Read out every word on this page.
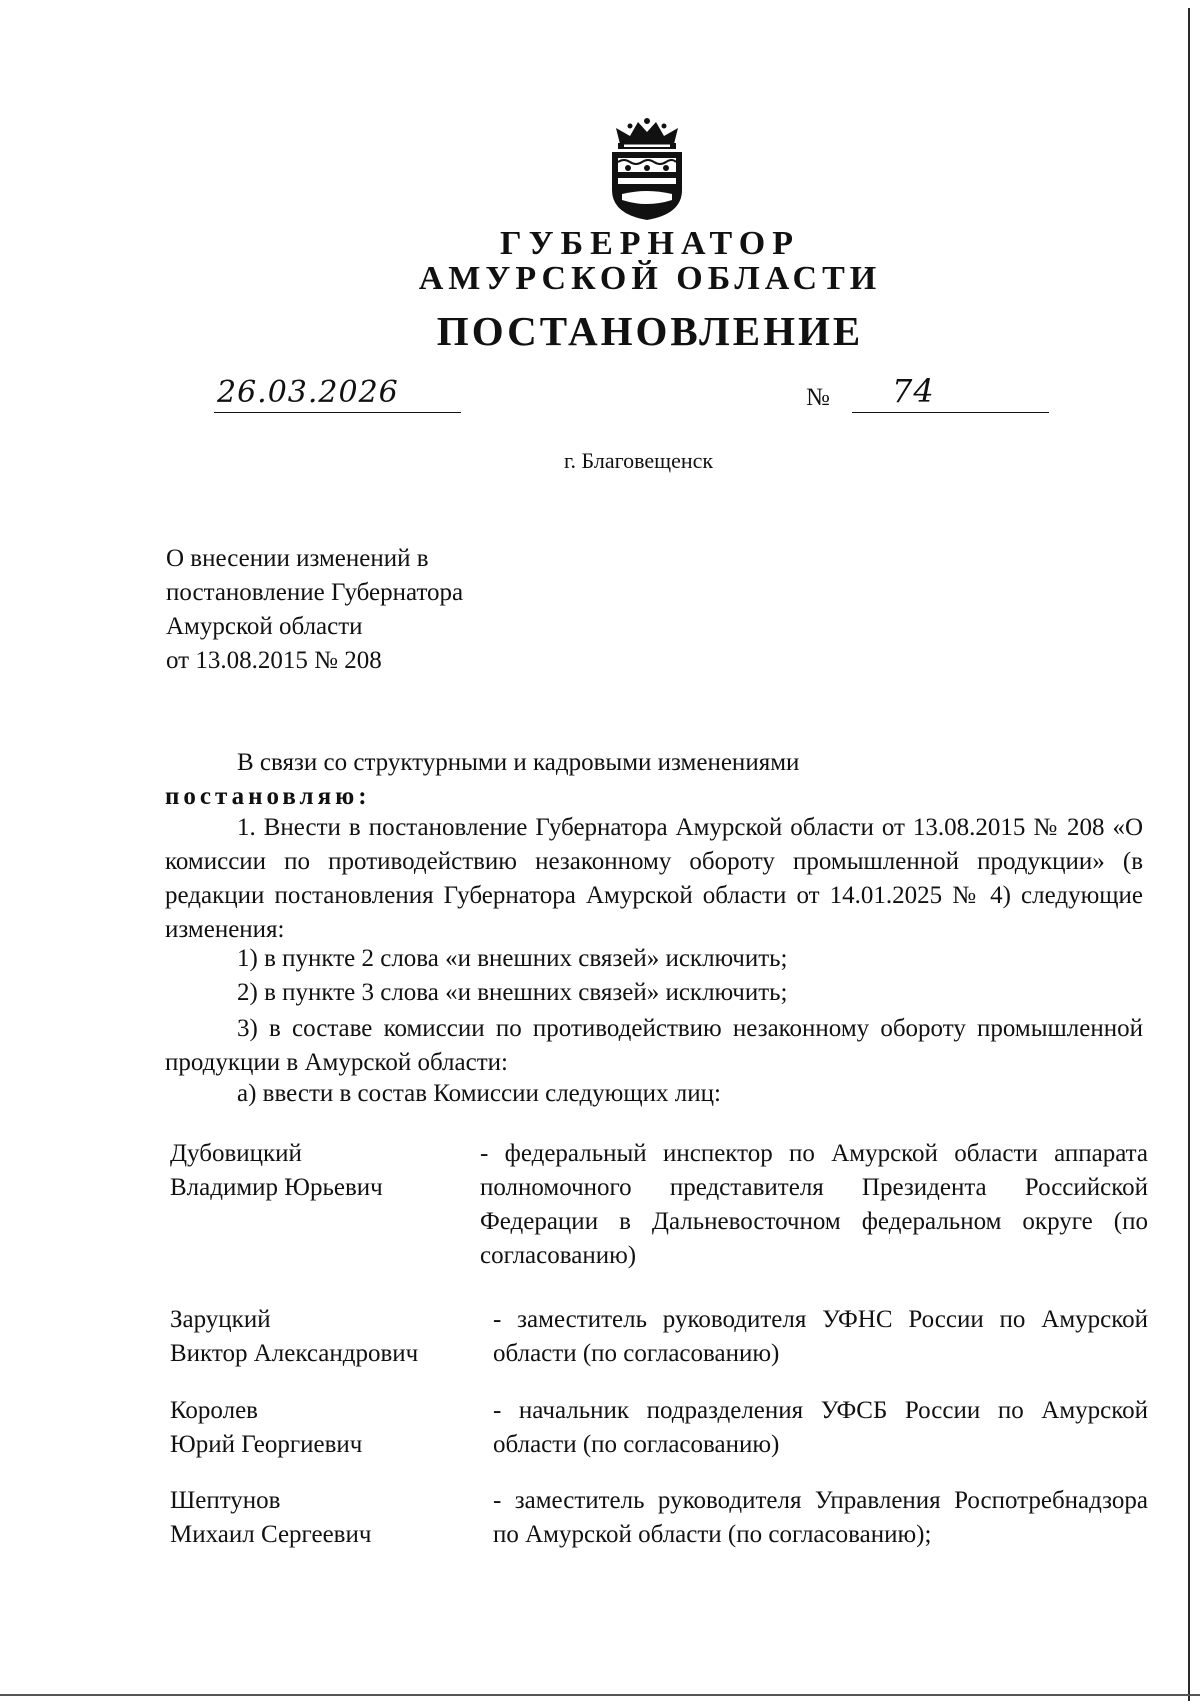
ГУБЕРНАТОР
АМУРСКОЙ ОБЛАСТИ
ПОСТАНОВЛЕНИЕ
26.03.2026	№ 74
г. Благовещенск
О внесении изменений в
постановление Губернатора
Амурской области
от 13.08.2015 № 208
В связи со структурными и кадровыми изменениями
постановляю:
1. Внести в постановление Губернатора Амурской области от 13.08.2015 № 208 «О комиссии по противодействию незаконному обороту промышленной продукции» (в редакции постановления Губернатора Амурской области от 14.01.2025 № 4) следующие изменения:
1) в пункте 2 слова «и внешних связей» исключить;
2) в пункте 3 слова «и внешних связей» исключить;
3) в составе комиссии по противодействию незаконному обороту промышленной продукции в Амурской области:
а) ввести в состав Комиссии следующих лиц:
Дубовицкий
Владимир Юрьевич
- федеральный инспектор по Амурской области аппарата полномочного представителя Президента Российской Федерации в Дальневосточном федеральном округе (по согласованию)
Заруцкий
Виктор Александрович
- заместитель руководителя УФНС России по Амурской области (по согласованию)
Королев
Юрий Георгиевич
- начальник подразделения УФСБ России по Амурской области (по согласованию)
Шептунов
Михаил Сергеевич
- заместитель руководителя Управления Роспотребнадзора по Амурской области (по согласованию);
